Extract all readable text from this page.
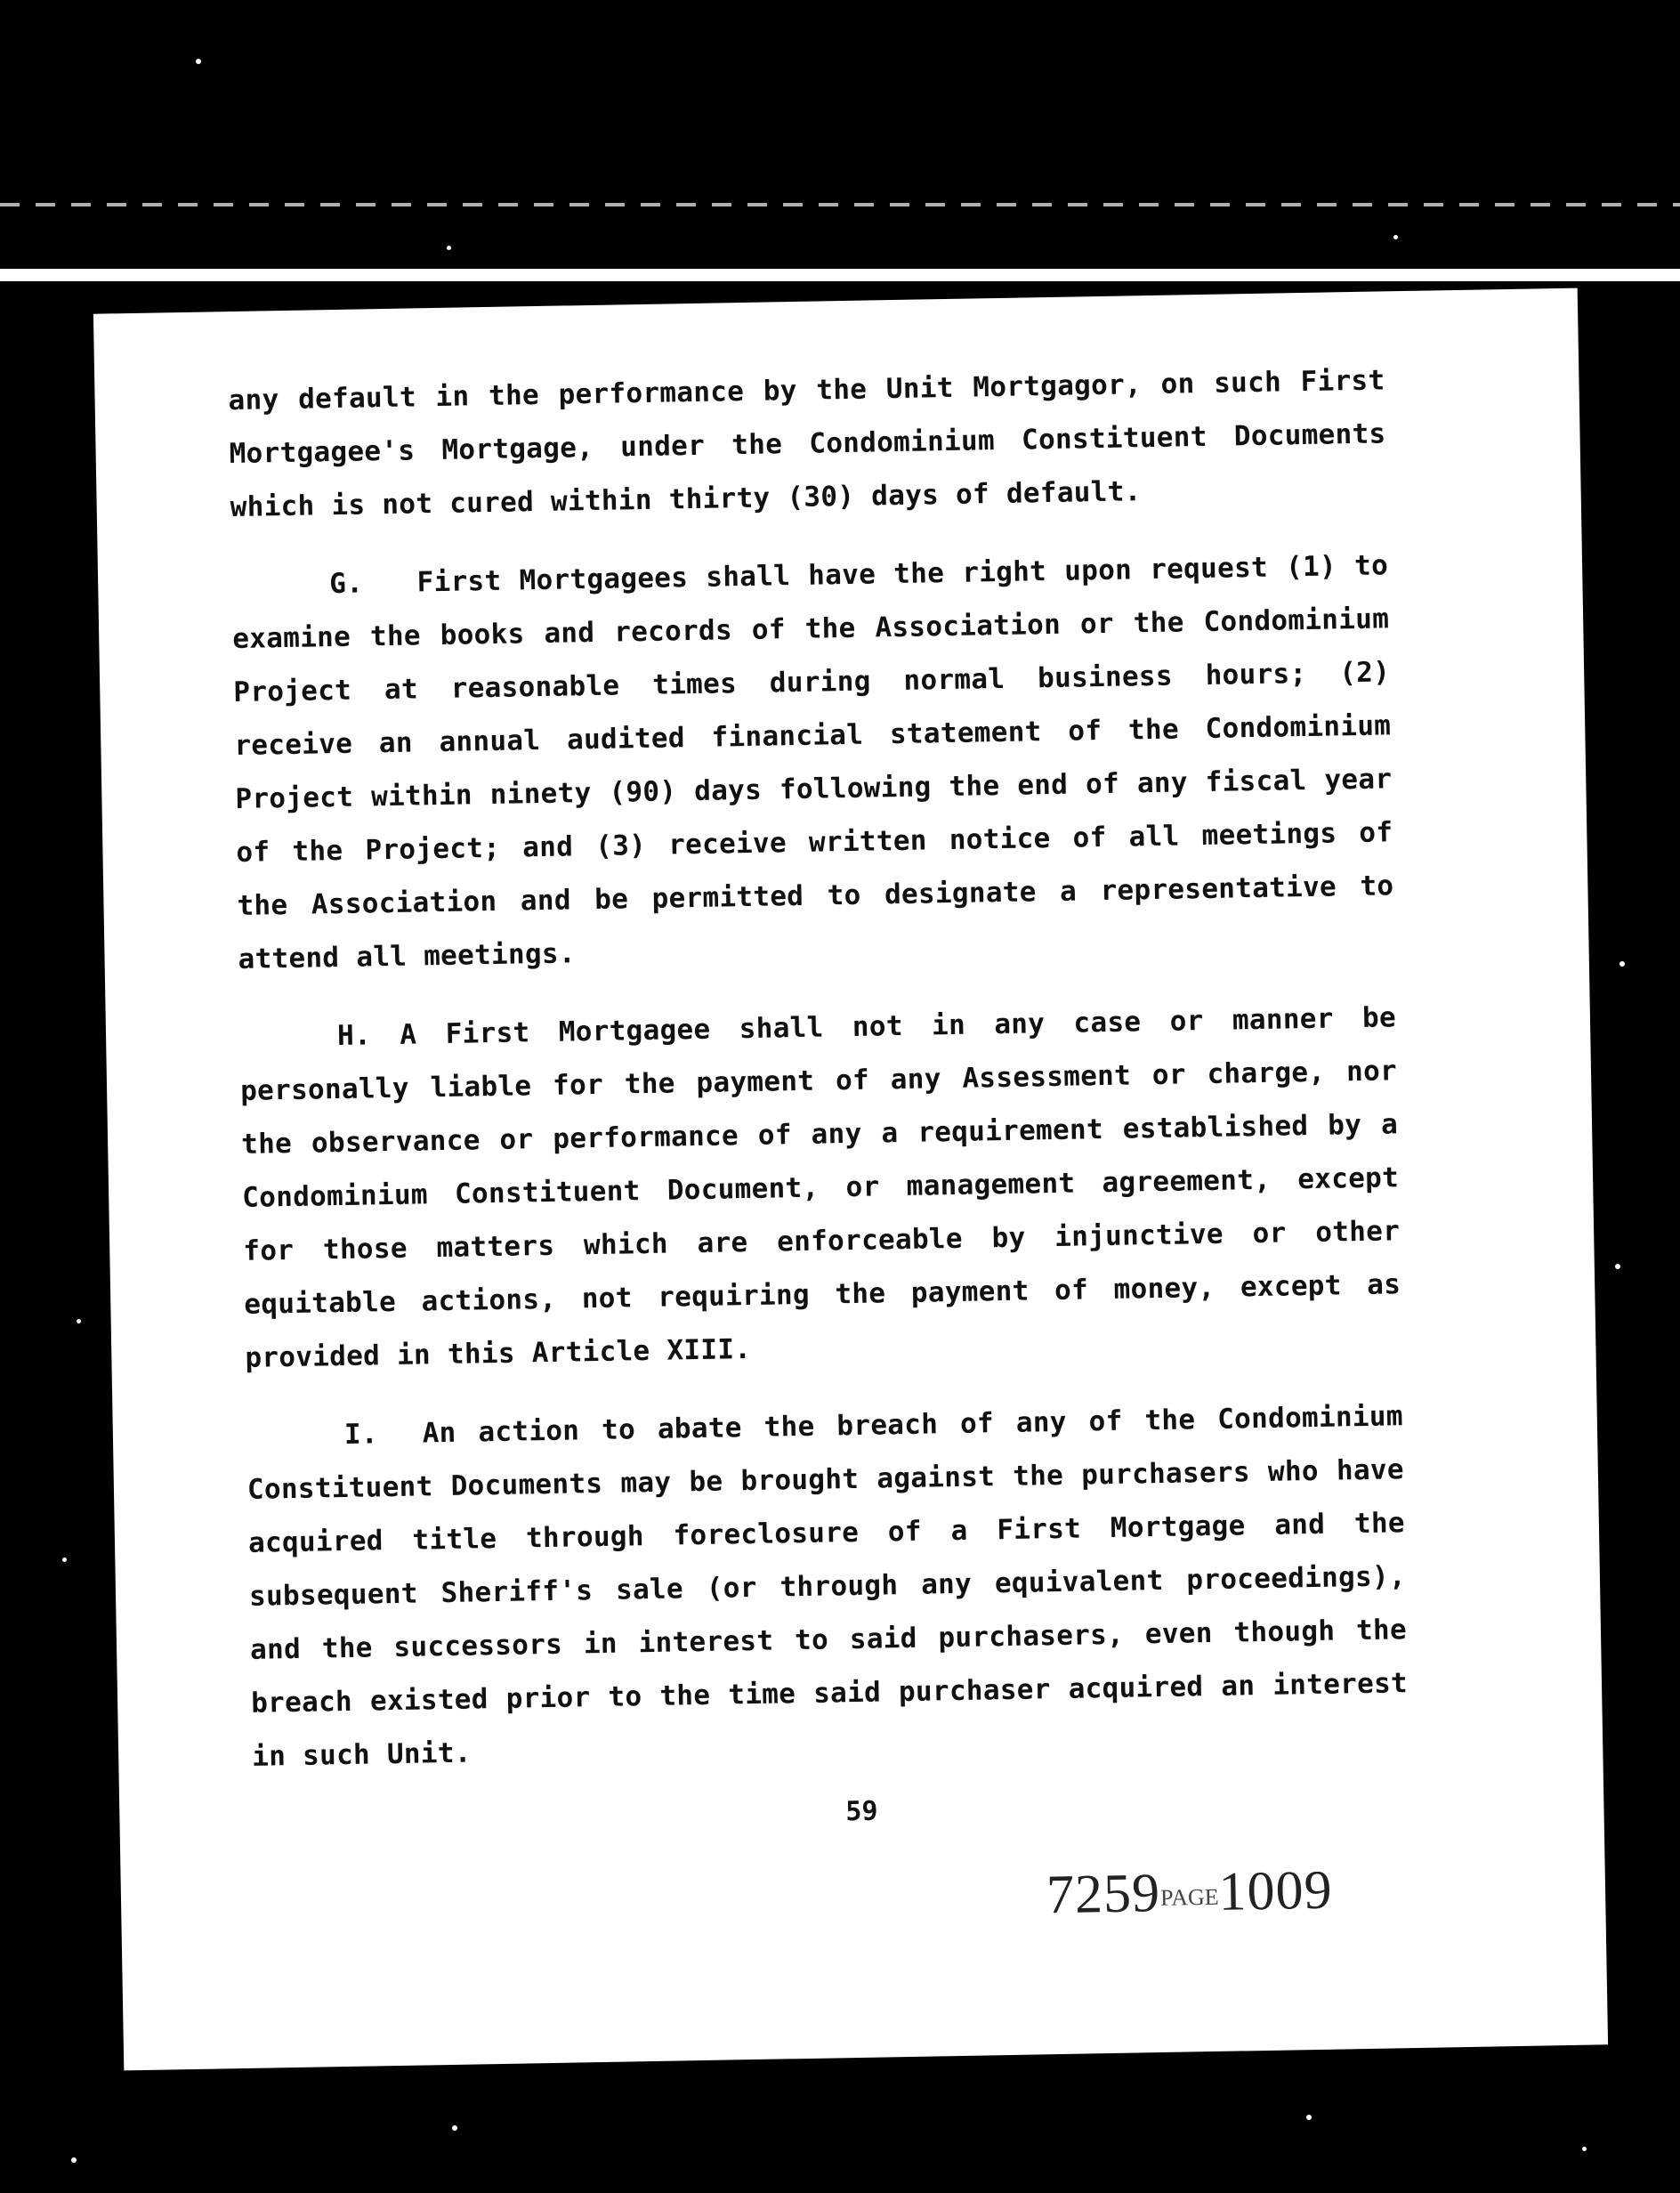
any default in the performance by the Unit Mortgagor, on such First Mortgagee's Mortgage, under the Condominium Constituent Documents which is not cured within thirty (30) days of default.

G. First Mortgagees shall have the right upon request (1) to examine the books and records of the Association or the Condominium Project at reasonable times during normal business hours; (2) receive an annual audited financial statement of the Condominium Project within ninety (90) days following the end of any fiscal year of the Project; and (3) receive written notice of all meetings of the Association and be permitted to designate a representative to attend all meetings.

H. A First Mortgagee shall not in any case or manner be personally liable for the payment of any Assessment or charge, nor the observance or performance of any a requirement established by a Condominium Constituent Document, or management agreement, except for those matters which are enforceable by injunctive or other equitable actions, not requiring the payment of money, except as provided in this Article XIII.

I. An action to abate the breach of any of the Condominium Constituent Documents may be brought against the purchasers who have acquired title through foreclosure of a First Mortgage and the subsequent Sheriff's sale (or through any equivalent proceedings), and the successors in interest to said purchasers, even though the breach existed prior to the time said purchaser acquired an interest in such Unit.

59
7259PAGE1009
